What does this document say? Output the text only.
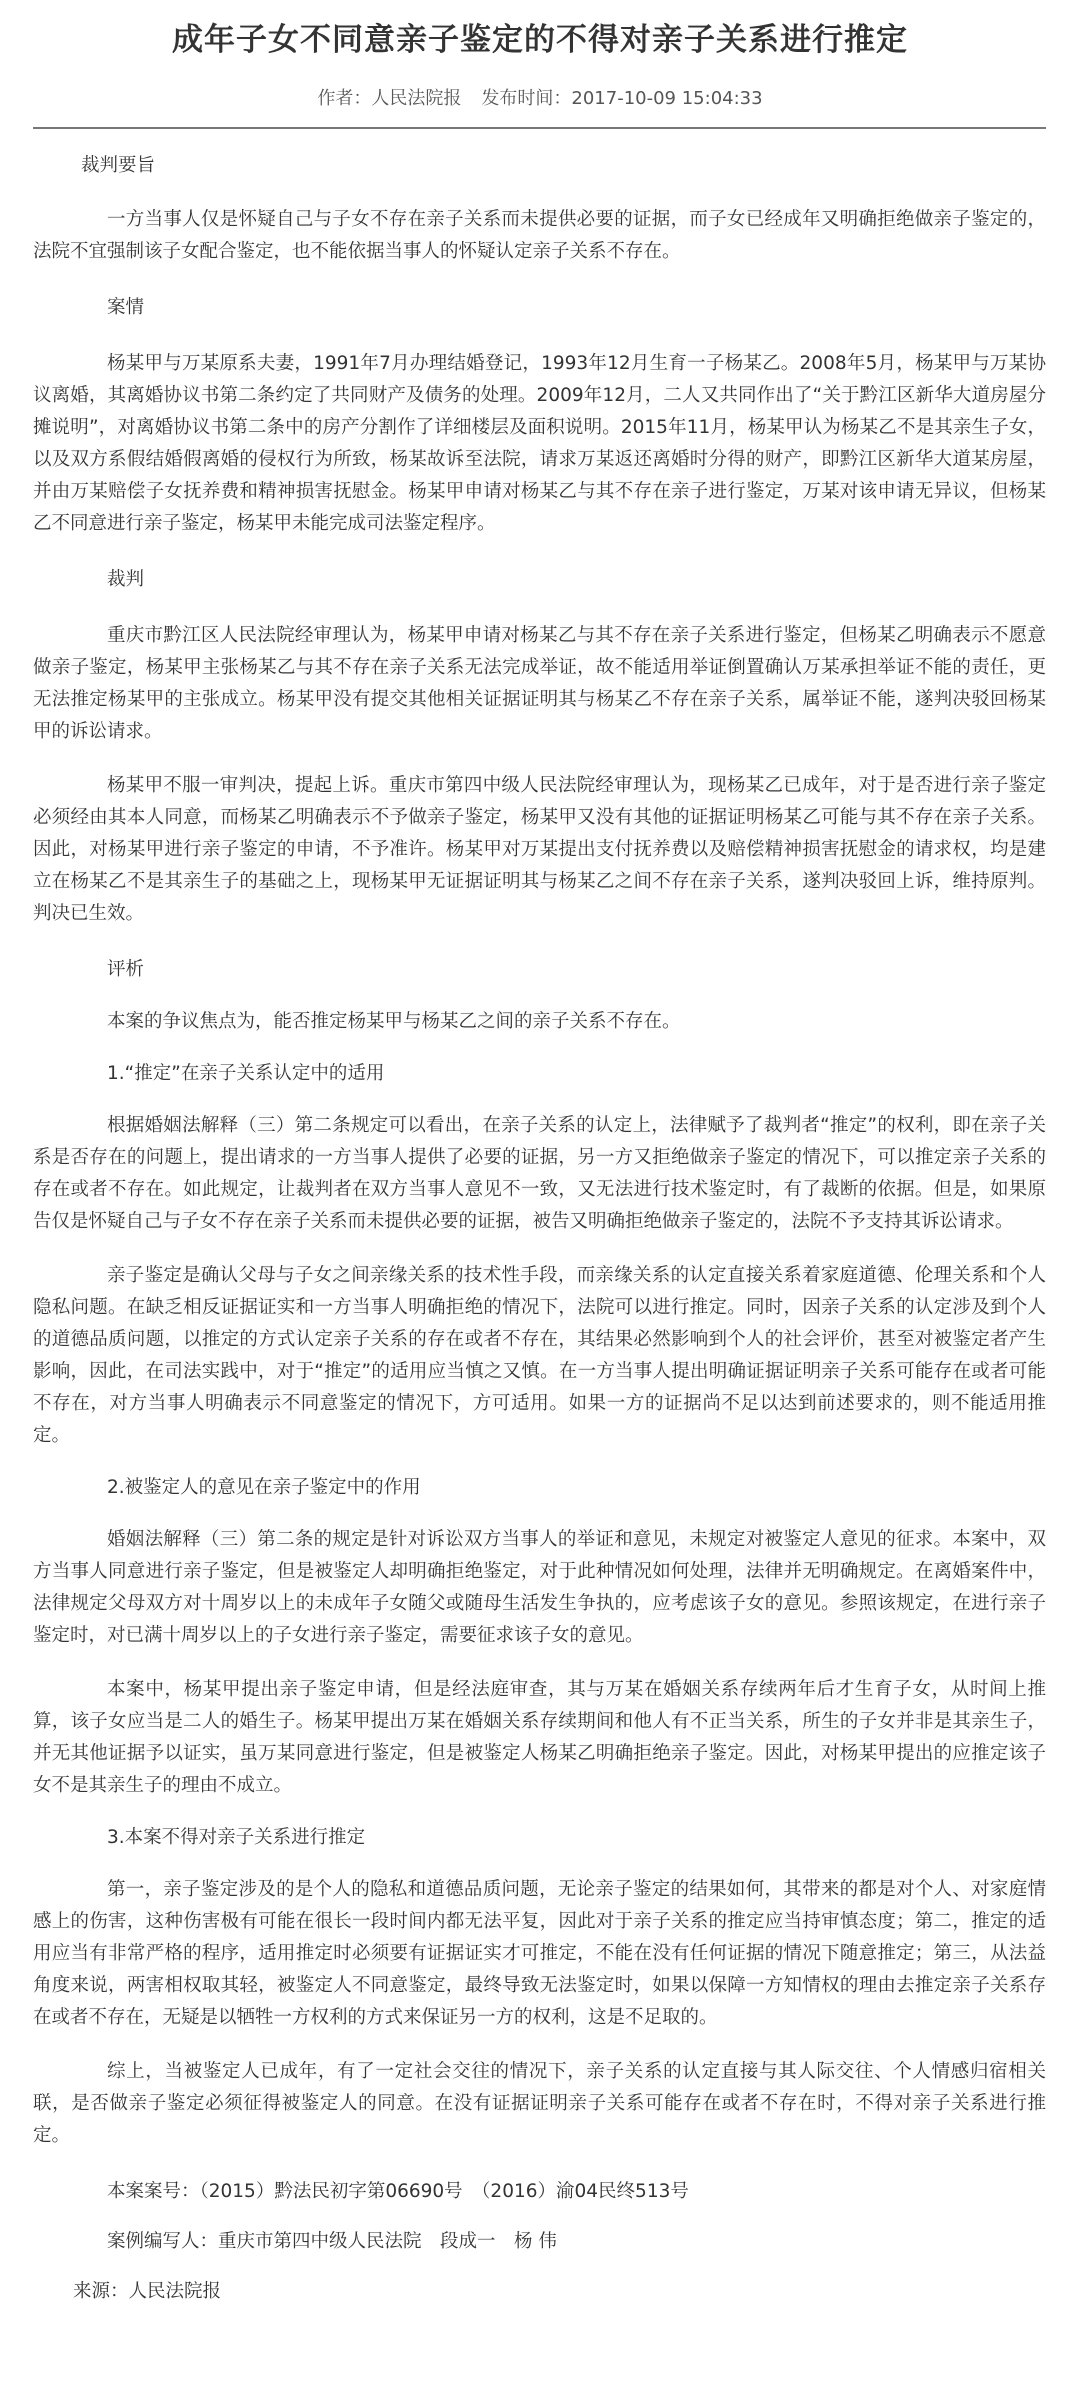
成年子女不同意亲子鉴定的不得对亲子关系进行推定
作者：人民法院报 发布时间：2017-10-09 15:04:33

裁判要旨

一方当事人仅是怀疑自己与子女不存在亲子关系而未提供必要的证据，而子女已经成年又明确拒绝做亲子鉴定的，法院不宜强制该子女配合鉴定，也不能依据当事人的怀疑认定亲子关系不存在。

案情

杨某甲与万某原系夫妻，1991年7月办理结婚登记，1993年12月生育一子杨某乙。2008年5月，杨某甲与万某协议离婚，其离婚协议书第二条约定了共同财产及债务的处理。2009年12月，二人又共同作出了“关于黔江区新华大道房屋分摊说明”，对离婚协议书第二条中的房产分割作了详细楼层及面积说明。2015年11月，杨某甲认为杨某乙不是其亲生子女，以及双方系假结婚假离婚的侵权行为所致，杨某故诉至法院，请求万某返还离婚时分得的财产，即黔江区新华大道某房屋，并由万某赔偿子女抚养费和精神损害抚慰金。杨某甲申请对杨某乙与其不存在亲子进行鉴定，万某对该申请无异议，但杨某乙不同意进行亲子鉴定，杨某甲未能完成司法鉴定程序。

裁判

重庆市黔江区人民法院经审理认为，杨某甲申请对杨某乙与其不存在亲子关系进行鉴定，但杨某乙明确表示不愿意做亲子鉴定，杨某甲主张杨某乙与其不存在亲子关系无法完成举证，故不能适用举证倒置确认万某承担举证不能的责任，更无法推定杨某甲的主张成立。杨某甲没有提交其他相关证据证明其与杨某乙不存在亲子关系，属举证不能，遂判决驳回杨某甲的诉讼请求。

杨某甲不服一审判决，提起上诉。重庆市第四中级人民法院经审理认为，现杨某乙已成年，对于是否进行亲子鉴定必须经由其本人同意，而杨某乙明确表示不予做亲子鉴定，杨某甲又没有其他的证据证明杨某乙可能与其不存在亲子关系。因此，对杨某甲进行亲子鉴定的申请，不予准许。杨某甲对万某提出支付抚养费以及赔偿精神损害抚慰金的请求权，均是建立在杨某乙不是其亲生子的基础之上，现杨某甲无证据证明其与杨某乙之间不存在亲子关系，遂判决驳回上诉，维持原判。判决已生效。

评析

本案的争议焦点为，能否推定杨某甲与杨某乙之间的亲子关系不存在。

1.“推定”在亲子关系认定中的适用

根据婚姻法解释（三）第二条规定可以看出，在亲子关系的认定上，法律赋予了裁判者“推定”的权利，即在亲子关系是否存在的问题上，提出请求的一方当事人提供了必要的证据，另一方又拒绝做亲子鉴定的情况下，可以推定亲子关系的存在或者不存在。如此规定，让裁判者在双方当事人意见不一致，又无法进行技术鉴定时，有了裁断的依据。但是，如果原告仅是怀疑自己与子女不存在亲子关系而未提供必要的证据，被告又明确拒绝做亲子鉴定的，法院不予支持其诉讼请求。

亲子鉴定是确认父母与子女之间亲缘关系的技术性手段，而亲缘关系的认定直接关系着家庭道德、伦理关系和个人隐私问题。在缺乏相反证据证实和一方当事人明确拒绝的情况下，法院可以进行推定。同时，因亲子关系的认定涉及到个人的道德品质问题，以推定的方式认定亲子关系的存在或者不存在，其结果必然影响到个人的社会评价，甚至对被鉴定者产生影响，因此，在司法实践中，对于“推定”的适用应当慎之又慎。在一方当事人提出明确证据证明亲子关系可能存在或者可能不存在，对方当事人明确表示不同意鉴定的情况下，方可适用。如果一方的证据尚不足以达到前述要求的，则不能适用推定。

2.被鉴定人的意见在亲子鉴定中的作用

婚姻法解释（三）第二条的规定是针对诉讼双方当事人的举证和意见，未规定对被鉴定人意见的征求。本案中，双方当事人同意进行亲子鉴定，但是被鉴定人却明确拒绝鉴定，对于此种情况如何处理，法律并无明确规定。在离婚案件中，法律规定父母双方对十周岁以上的未成年子女随父或随母生活发生争执的，应考虑该子女的意见。参照该规定，在进行亲子鉴定时，对已满十周岁以上的子女进行亲子鉴定，需要征求该子女的意见。

本案中，杨某甲提出亲子鉴定申请，但是经法庭审查，其与万某在婚姻关系存续两年后才生育子女，从时间上推算，该子女应当是二人的婚生子。杨某甲提出万某在婚姻关系存续期间和他人有不正当关系，所生的子女并非是其亲生子，并无其他证据予以证实，虽万某同意进行鉴定，但是被鉴定人杨某乙明确拒绝亲子鉴定。因此，对杨某甲提出的应推定该子女不是其亲生子的理由不成立。

3.本案不得对亲子关系进行推定

第一，亲子鉴定涉及的是个人的隐私和道德品质问题，无论亲子鉴定的结果如何，其带来的都是对个人、对家庭情感上的伤害，这种伤害极有可能在很长一段时间内都无法平复，因此对于亲子关系的推定应当持审慎态度；第二，推定的适用应当有非常严格的程序，适用推定时必须要有证据证实才可推定，不能在没有任何证据的情况下随意推定；第三，从法益角度来说，两害相权取其轻，被鉴定人不同意鉴定，最终导致无法鉴定时，如果以保障一方知情权的理由去推定亲子关系存在或者不存在，无疑是以牺牲一方权利的方式来保证另一方的权利，这是不足取的。

综上，当被鉴定人已成年，有了一定社会交往的情况下，亲子关系的认定直接与其人际交往、个人情感归宿相关联，是否做亲子鉴定必须征得被鉴定人的同意。在没有证据证明亲子关系可能存在或者不存在时，不得对亲子关系进行推定。

本案案号：（2015）黔法民初字第06690号　（2016）渝04民终513号

案例编写人：重庆市第四中级人民法院　段成一　杨 伟

来源：人民法院报
